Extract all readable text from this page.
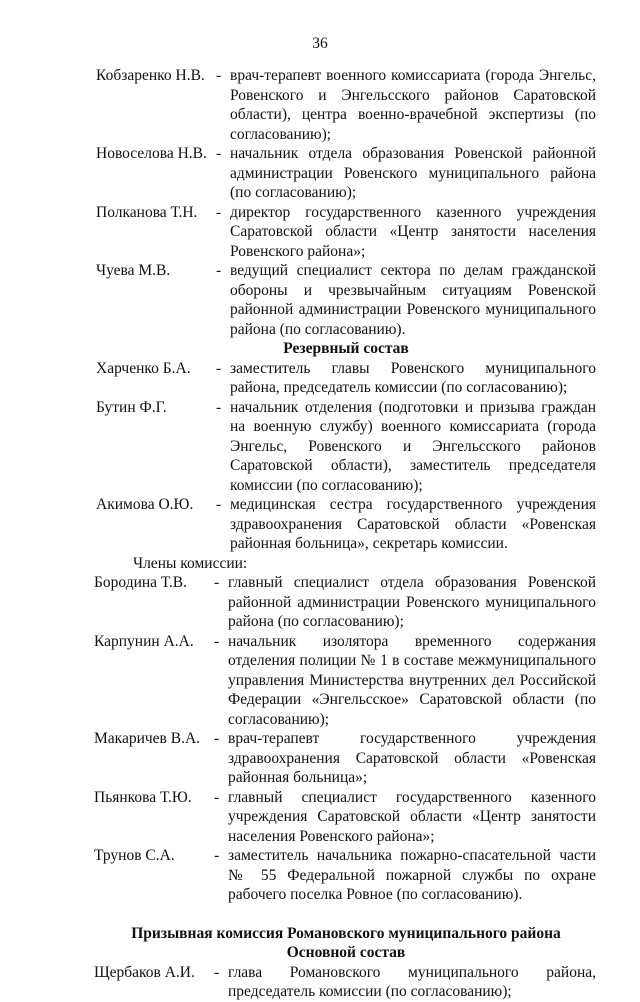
36
Кобзаренко Н.В. - врач-терапевт военного комиссариата (города Энгельс, Ровенского и Энгельсского районов Саратовской области), центра военно-врачебной экспертизы (по согласованию);
Новоселова Н.В. - начальник отдела образования Ровенской районной администрации Ровенского муниципального района (по согласованию);
Полканова Т.Н.	- директор государственного казенного учреждения Саратовской области «Центр занятости населения Ровенского района»;
Чуева М.В.	- ведущий специалист сектора по делам гражданской обороны и чрезвычайным ситуациям Ровенской районной администрации Ровенского муниципального района (по согласованию).
Резервный состав
Харченко Б.А.	- заместитель главы Ровенского муниципального района, председатель комиссии (по согласованию);
Бутин Ф.Г.	- начальник отделения (подготовки и призыва граждан на военную службу) военного комиссариата (города Энгельс, Ровенского и Энгельсского районов Саратовской области), заместитель председателя комиссии (по согласованию);
Акимова О.Ю.	- медицинская сестра государственного учреждения здравоохранения Саратовской области «Ровенская районная больница», секретарь комиссии.
Члены комиссии:
Бородина Т.В.	- главный специалист отдела образования Ровенской районной администрации Ровенского муниципального района (по согласованию);
Карпунин А.А.	- начальник изолятора временного содержания отделения полиции № 1 в составе межмуниципального управления Министерства внутренних дел Российской Федерации «Энгельсское» Саратовской области (по согласованию);
Макаричев В.А. - врач-терапевт государственного учреждения здравоохранения Саратовской области «Ровенская районная больница»;
Пьянкова Т.Ю.	- главный специалист государственного казенного учреждения Саратовской области «Центр занятости населения Ровенского района»;
Трунов С.А.	- заместитель начальника пожарно-спасательной части № 55 Федеральной пожарной службы по охране рабочего поселка Ровное (по согласованию).
Призывная комиссия Романовского муниципального района
Основной состав
Щербаков А.И.	- глава Романовского муниципального района, председатель комиссии (по согласованию);
